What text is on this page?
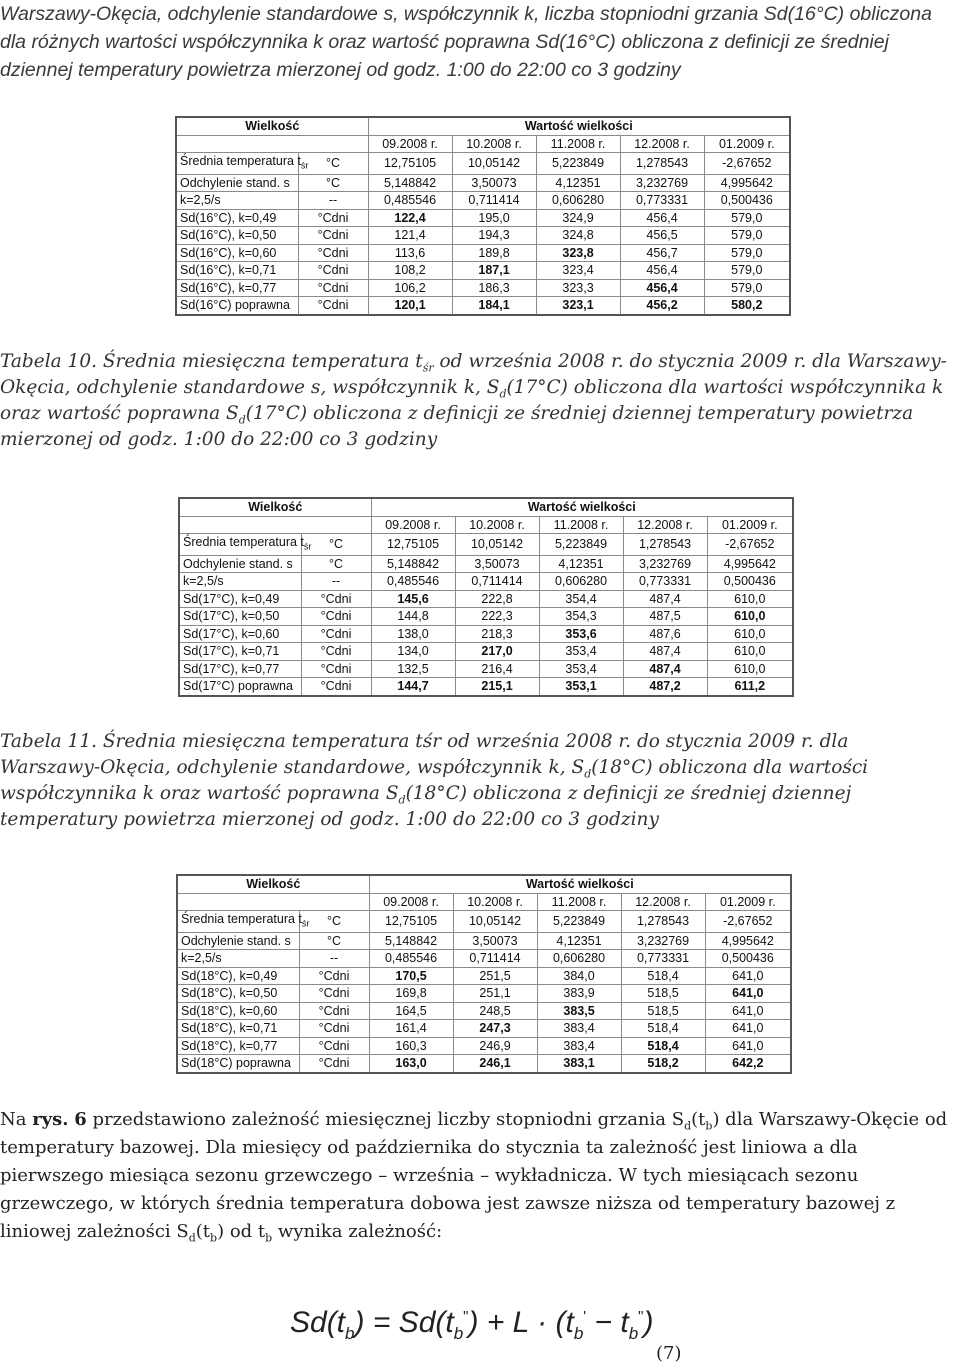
Warszawy-Okęcia, odchylenie standardowe s, współczynnik k, liczba stopniodni grzania Sd(16°C) obliczona dla różnych wartości współczynnika k oraz wartość poprawna Sd(16°C) obliczona z definicji ze średniej dziennej temperatury powietrza mierzonej od godz. 1:00 do 22:00 co 3 godziny
Wielkość		Wartość wielkości				
		09.2008 r.	10.2008 r.	11.2008 r.	12.2008 r.	01.2009 r.
Średnia temperatura $t_{śr}$	°C	12,75105	10,05142	5,223849	1,278543	-2,67652
Odchylenie stand. s	°C	5,148842	3,50073	4,12351	3,232769	4,995642
k=2,5/s	--	0,485546	0,711414	0,606280	0,773331	0,500436
Sd(16°C), k=0,49	°Cdni	122,4	195,0	324,9	456,4	579,0
Sd(16°C), k=0,50	°Cdni	121,4	194,3	324,8	456,5	579,0
Sd(16°C), k=0,60	°Cdni	113,6	189,8	323,8	456,7	579,0
Sd(16°C), k=0,71	°Cdni	108,2	187,1	323,4	456,4	579,0
Sd(16°C), k=0,77	°Cdni	106,2	186,3	323,3	456,4	579,0
Sd(16°C) poprawna	°Cdni	120,1	184,1	323,1	456,2	580,2
Tabela 10. Średnia miesięczna temperatura $t_{śr}$ od września 2008 r. do stycznia 2009 r. dla Warszawy-Okęcia, odchylenie standardowe s, współczynnik k, $S_d(17^\circ C)$ obliczona dla wartości współczynnika k oraz wartość poprawna $S_d(17^\circ C)$ obliczona z definicji ze średniej dziennej temperatury powietrza mierzonej od godz. 1:00 do 22:00 co 3 godziny
Wielkość		Wartość wielkości				
		09.2008 r.	10.2008 r.	11.2008 r.	12.2008 r.	01.2009 r.
Średnia temperatura $t_{śr}$	°C	12,75105	10,05142	5,223849	1,278543	-2,67652
Odchylenie stand. s	°C	5,148842	3,50073	4,12351	3,232769	4,995642
k=2,5/s	--	0,485546	0,711414	0,606280	0,773331	0,500436
Sd(17°C), k=0,49	°Cdni	145,6	222,8	354,4	487,4	610,0
Sd(17°C), k=0,50	°Cdni	144,8	222,3	354,3	487,5	610,0
Sd(17°C), k=0,60	°Cdni	138,0	218,3	353,6	487,6	610,0
Sd(17°C), k=0,71	°Cdni	134,0	217,0	353,4	487,4	610,0
Sd(17°C), k=0,77	°Cdni	132,5	216,4	353,4	487,4	610,0
Sd(17°C) poprawna	°Cdni	144,7	215,1	353,1	487,2	611,2
Tabela 11. Średnia miesięczna temperatura tśr od września 2008 r. do stycznia 2009 r. dla Warszawy-Okęcia, odchylenie standardowe, współczynnik k, $S_d(18^\circ C)$ obliczona dla wartości współczynnika k oraz wartość poprawna $S_d(18^\circ C)$ obliczona z definicji ze średniej dziennej temperatury powietrza mierzonej od godz. 1:00 do 22:00 co 3 godziny
Wielkość		Wartość wielkości				
		09.2008 r.	10.2008 r.	11.2008 r.	12.2008 r.	01.2009 r.
Średnia temperatura $t_{śr}$	°C	12,75105	10,05142	5,223849	1,278543	-2,67652
Odchylenie stand. s	°C	5,148842	3,50073	4,12351	3,232769	4,995642
k=2,5/s	--	0,485546	0,711414	0,606280	0,773331	0,500436
Sd(18°C), k=0,49	°Cdni	170,5	251,5	384,0	518,4	641,0
Sd(18°C), k=0,50	°Cdni	169,8	251,1	383,9	518,5	641,0
Sd(18°C), k=0,60	°Cdni	164,5	248,5	383,5	518,5	641,0
Sd(18°C), k=0,71	°Cdni	161,4	247,3	383,4	518,4	641,0
Sd(18°C), k=0,77	°Cdni	160,3	246,9	383,4	518,4	641,0
Sd(18°C) poprawna	°Cdni	163,0	246,1	383,1	518,2	642,2
Na rys. 6 przedstawiono zależność miesięcznej liczby stopniodni grzania $S_d(t_b)$ dla Warszawy-Okęcie od temperatury bazowej. Dla miesięcy od października do stycznia ta zależność jest liniowa a dla pierwszego miesiąca sezonu grzewczego – września – wykładnicza. W tych miesiącach sezonu grzewczego, w których średnia temperatura dobowa jest zawsze niższa od temperatury bazowej z liniowej zależności $S_d(t_b)$ od $t_b$ wynika zależność:
$Sd(t_b) = Sd(t_b^") + L \cdot (t_b' - t_b^")$
(7)
